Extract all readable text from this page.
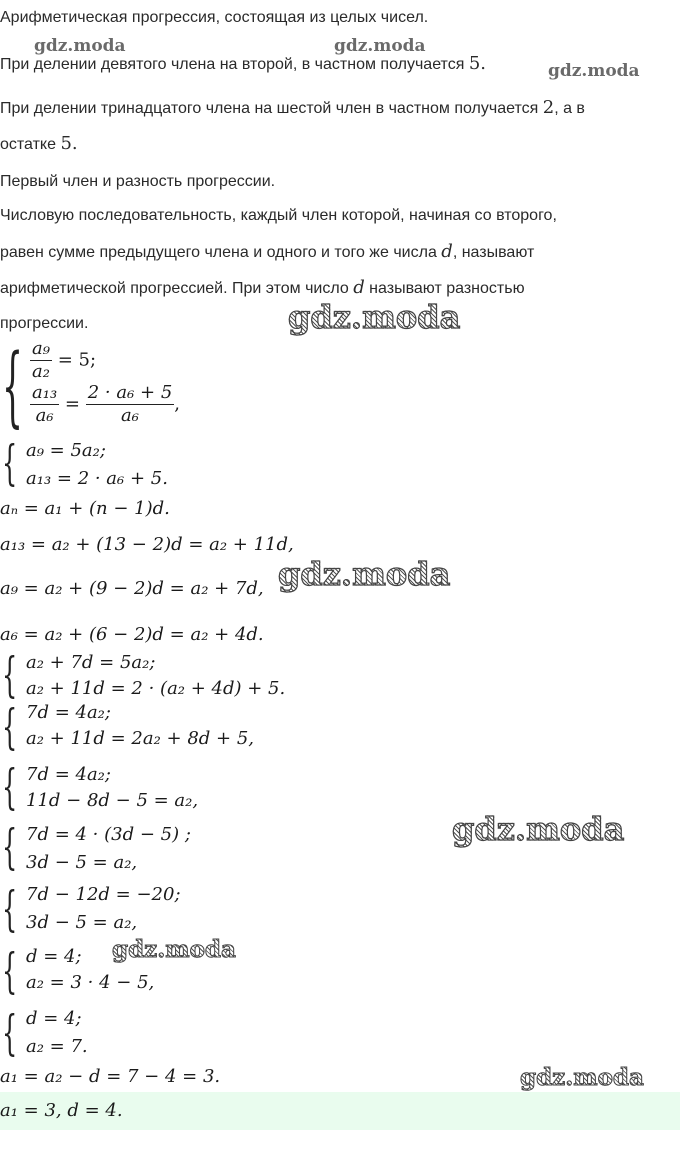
Арифметическая прогрессия, состоящая из целых чисел.
При делении девятого члена на второй, в частном получается 5.
При делении тринадцатого члена на шестой член в частном получается 2, а в
остатке 5.
Первый член и разность прогрессии.
Числовую последовательность, каждый член которой, начиная со второго,
равен сумме предыдущего члена и одного и того же числа d, называют
арифметической прогрессией. При этом число d называют разностью
прогрессии.
{ $\frac{\text{a₉}}{\text{a₂}} = 5$;
$\frac{\text{a₁₃}}{\text{a₆}} = \frac{\text{2 · a₆ + 5}}{\text{a₆}}$ ,
{ a₉ = 5a₂;
a₁₃ = 2 · a₆ + 5.
aₙ = a₁ + (n − 1)d.
a₁₃ = a₂ + (13 − 2)d = a₂ + 11d,
a₉ = a₂ + (9 − 2)d = a₂ + 7d,
a₆ = a₂ + (6 − 2)d = a₂ + 4d.
{ a₂ + 7d = 5a₂;
a₂ + 11d = 2 · (a₂ + 4d) + 5.
{ 7d = 4a₂;
a₂ + 11d = 2a₂ + 8d + 5,
{ 7d = 4a₂;
11d − 8d − 5 = a₂,
{ 7d = 4 · (3d − 5) ;
3d − 5 = a₂,
{ 7d − 12d = −20;
3d − 5 = a₂,
{ d = 4;
a₂ = 3 · 4 − 5,
{ d = 4;
a₂ = 7.
a₁ = a₂ − d = 7 − 4 = 3.
a₁ = 3, d = 4.
gdz.moda	gdz.moda
gdz.moda
gdz.moda
gdz.moda
gdz.moda
gdz.moda
gdz.moda
